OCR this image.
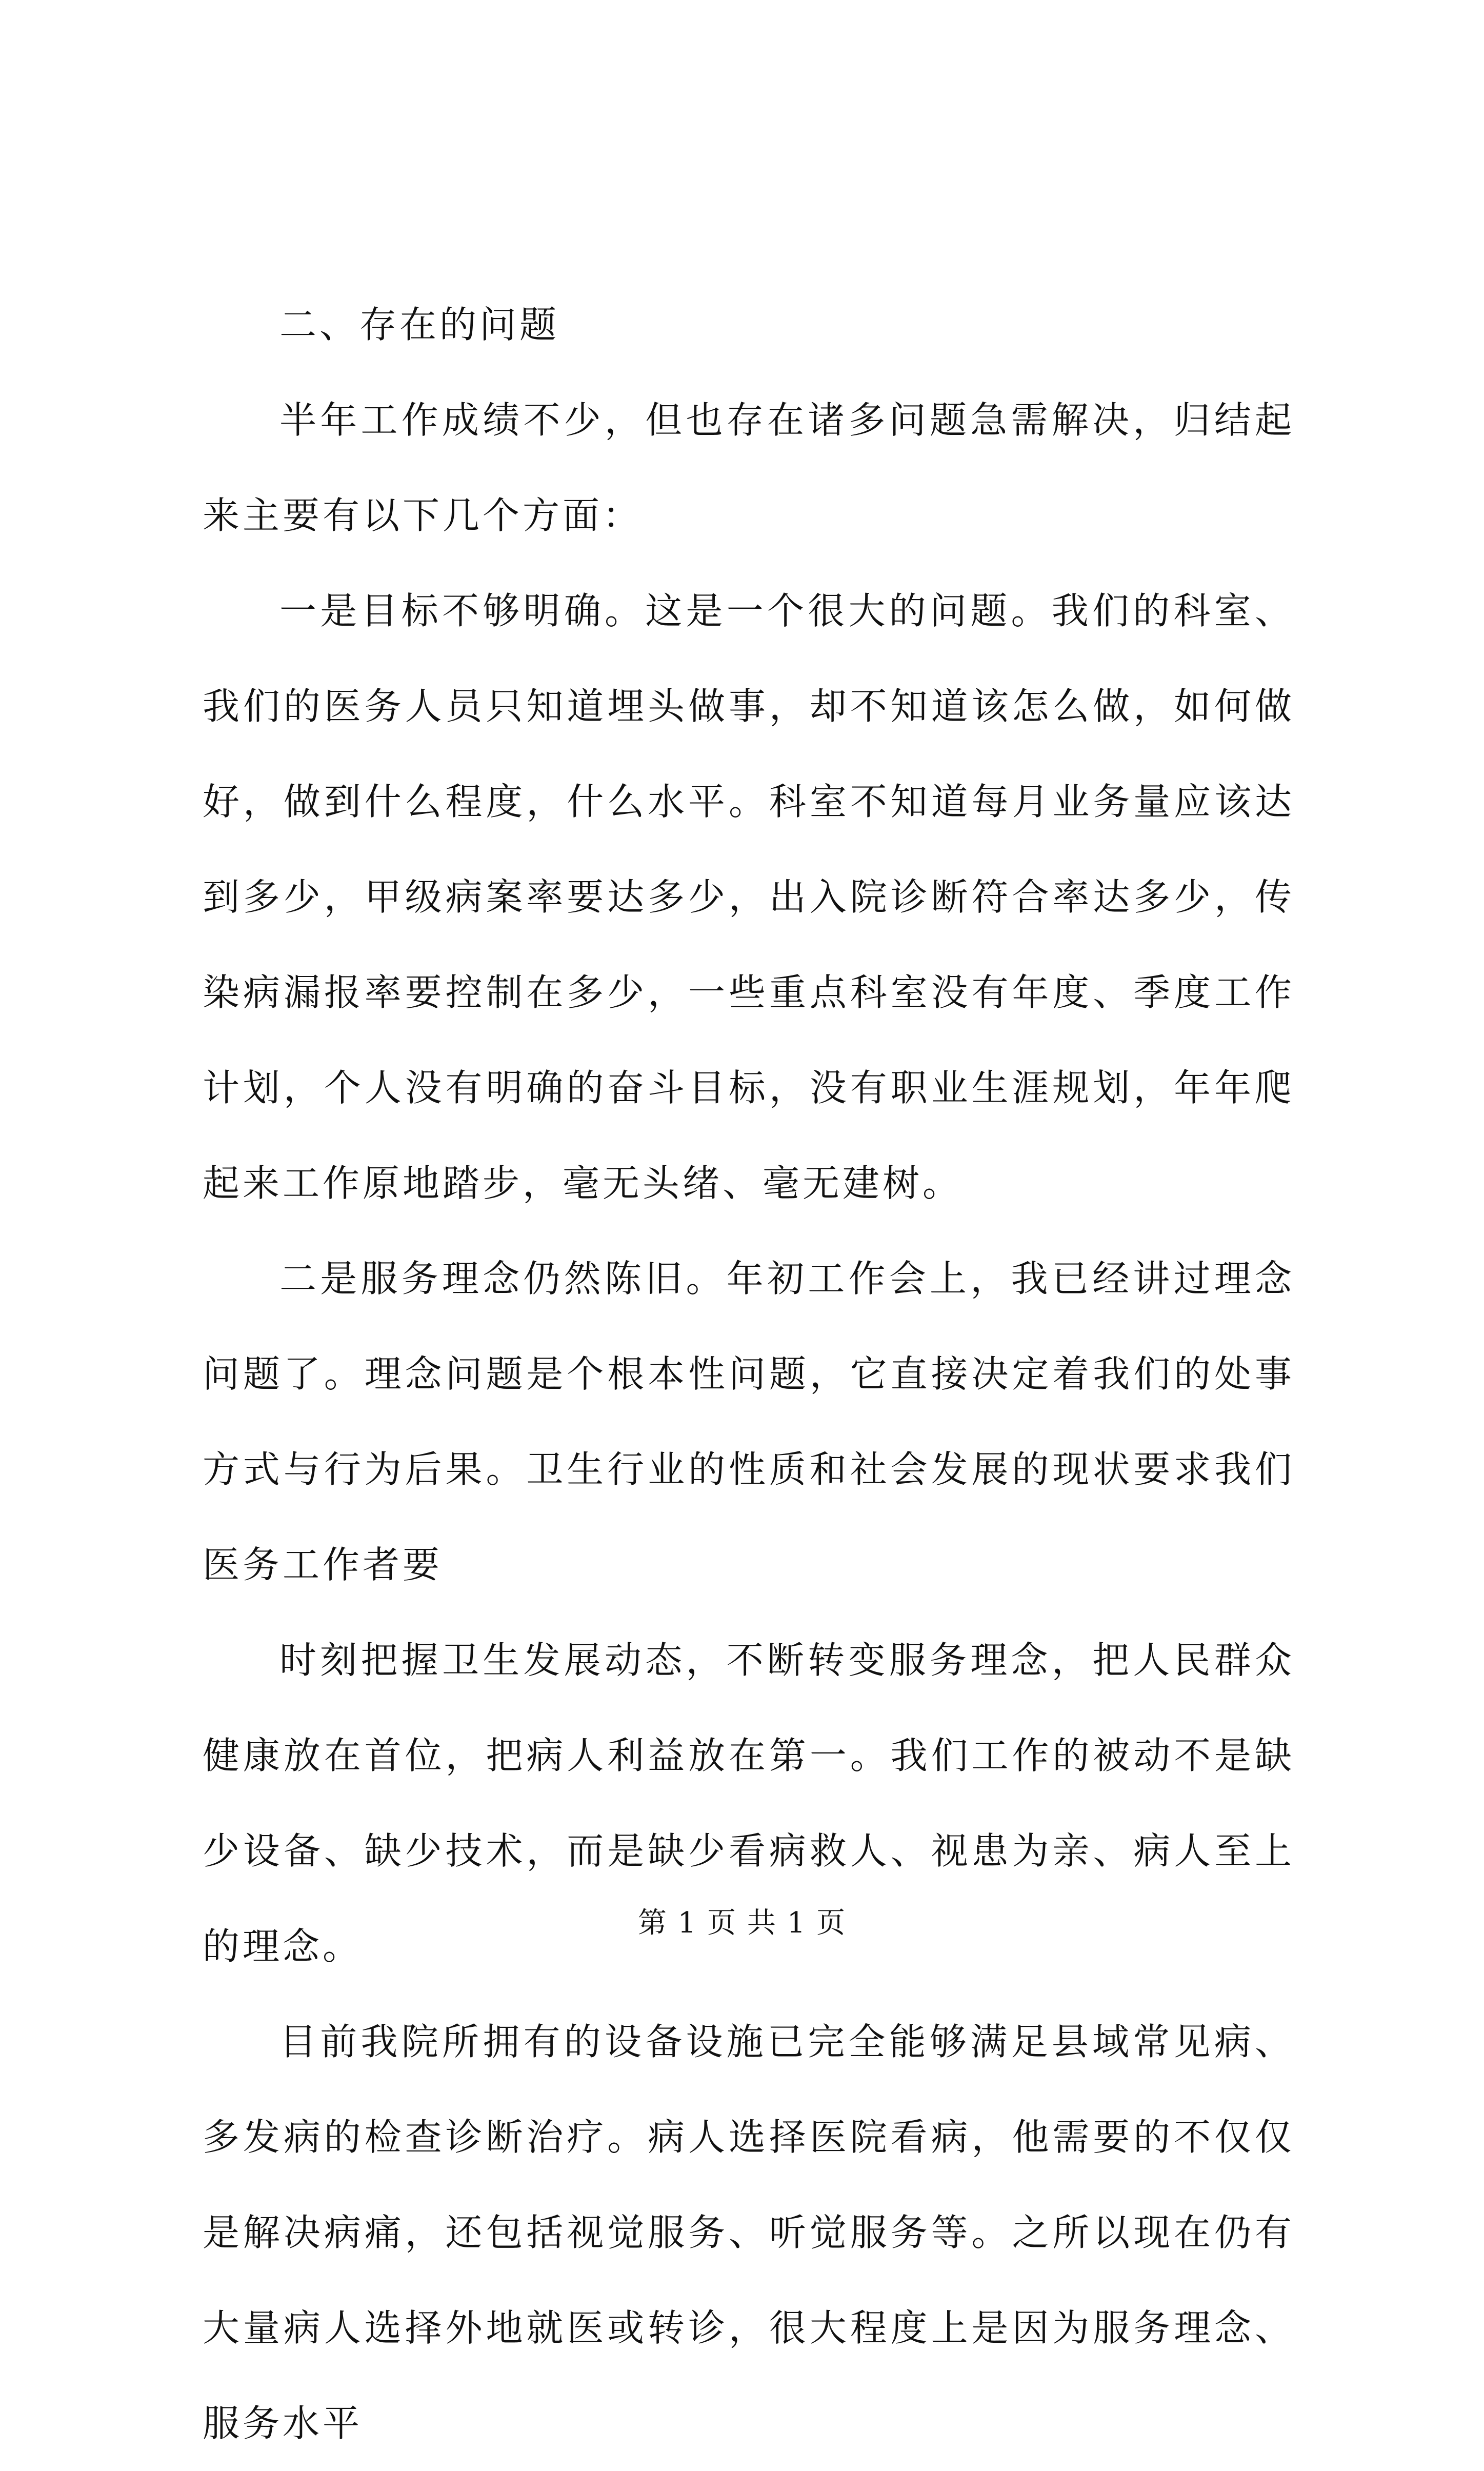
二、存在的问题

半年工作成绩不少，但也存在诸多问题急需解决，归结起来主要有以下几个方面：

一是目标不够明确。这是一个很大的问题。我们的科室、我们的医务人员只知道埋头做事，却不知道该怎么做，如何做好，做到什么程度，什么水平。科室不知道每月业务量应该达到多少，甲级病案率要达多少，出入院诊断符合率达多少，传染病漏报率要控制在多少，一些重点科室没有年度、季度工作计划，个人没有明确的奋斗目标，没有职业生涯规划，年年爬起来工作原地踏步，毫无头绪、毫无建树。

二是服务理念仍然陈旧。年初工作会上，我已经讲过理念问题了。理念问题是个根本性问题，它直接决定着我们的处事方式与行为后果。卫生行业的性质和社会发展的现状要求我们医务工作者要

时刻把握卫生发展动态，不断转变服务理念，把人民群众健康放在首位，把病人利益放在第一。我们工作的被动不是缺少设备、缺少技术，而是缺少看病救人、视患为亲、病人至上的理念。

目前我院所拥有的设备设施已完全能够满足县域常见病、多发病的检查诊断治疗。病人选择医院看病，他需要的不仅仅是解决病痛，还包括视觉服务、听觉服务等。之所以现在仍有大量病人选择外地就医或转诊，很大程度上是因为服务理念、服务水平

第 1 页 共 1 页
